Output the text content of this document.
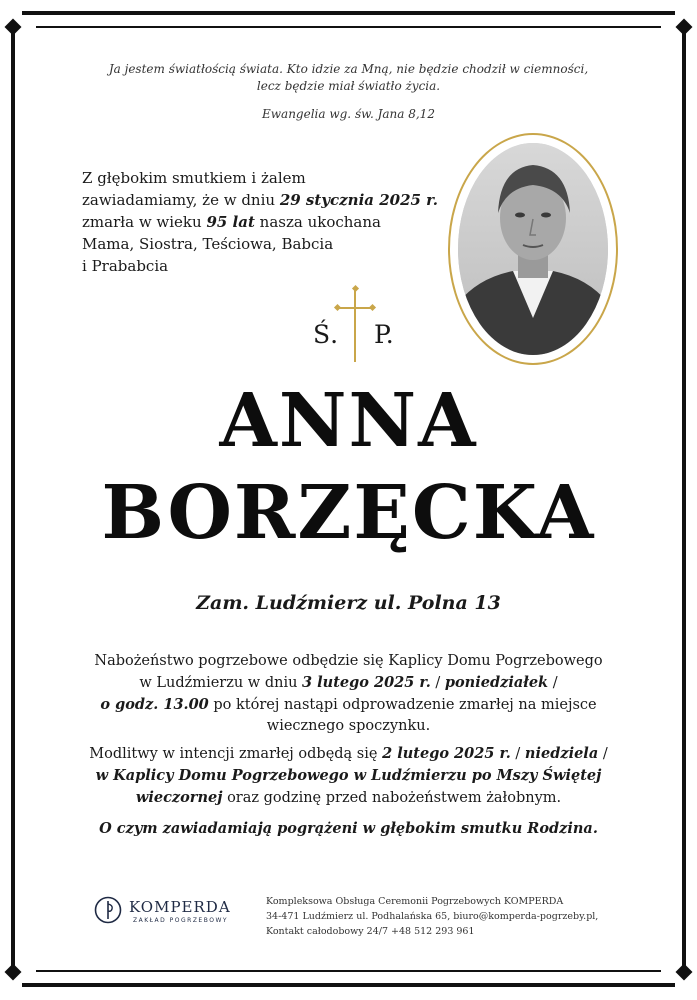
Ja jestem światłością świata. Kto idzie za Mną, nie będzie chodził w ciemności,
lecz będzie miał światło życia.
Ewangelia wg. św. Jana 8,12
Z głębokim smutkiem i żalem
zawiadamiamy, że w dniu 29 stycznia 2025 r.
zmarła w wieku 95 lat nasza ukochana
Mama, Siostra, Teściowa, Babcia
i Prababcia
Ś. P.
ANNA
BORZĘCKA
Zam. Ludźmierz ul. Polna 13
Nabożeństwo pogrzebowe odbędzie się Kaplicy Domu Pogrzebowego
w Ludźmierzu w dniu 3 lutego 2025 r. / poniedziałek /
o godz. 13.00 po której nastąpi odprowadzenie zmarłej na miejsce
wiecznego spoczynku.
Modlitwy w intencji zmarłej odbędą się 2 lutego 2025 r. / niedziela /
w Kaplicy Domu Pogrzebowego w Ludźmierzu po Mszy Świętej
wieczornej oraz godzinę przed nabożeństwem żałobnym.
O czym zawiadamiają pogrążeni w głębokim smutku Rodzina.
KOMPERDA
ZAKŁAD POGRZEBOWY
Kompleksowa Obsługa Ceremonii Pogrzebowych KOMPERDA
34-471 Ludźmierz ul. Podhalańska 65, biuro@komperda-pogrzeby.pl,
Kontakt całodobowy 24/7 +48 512 293 961
